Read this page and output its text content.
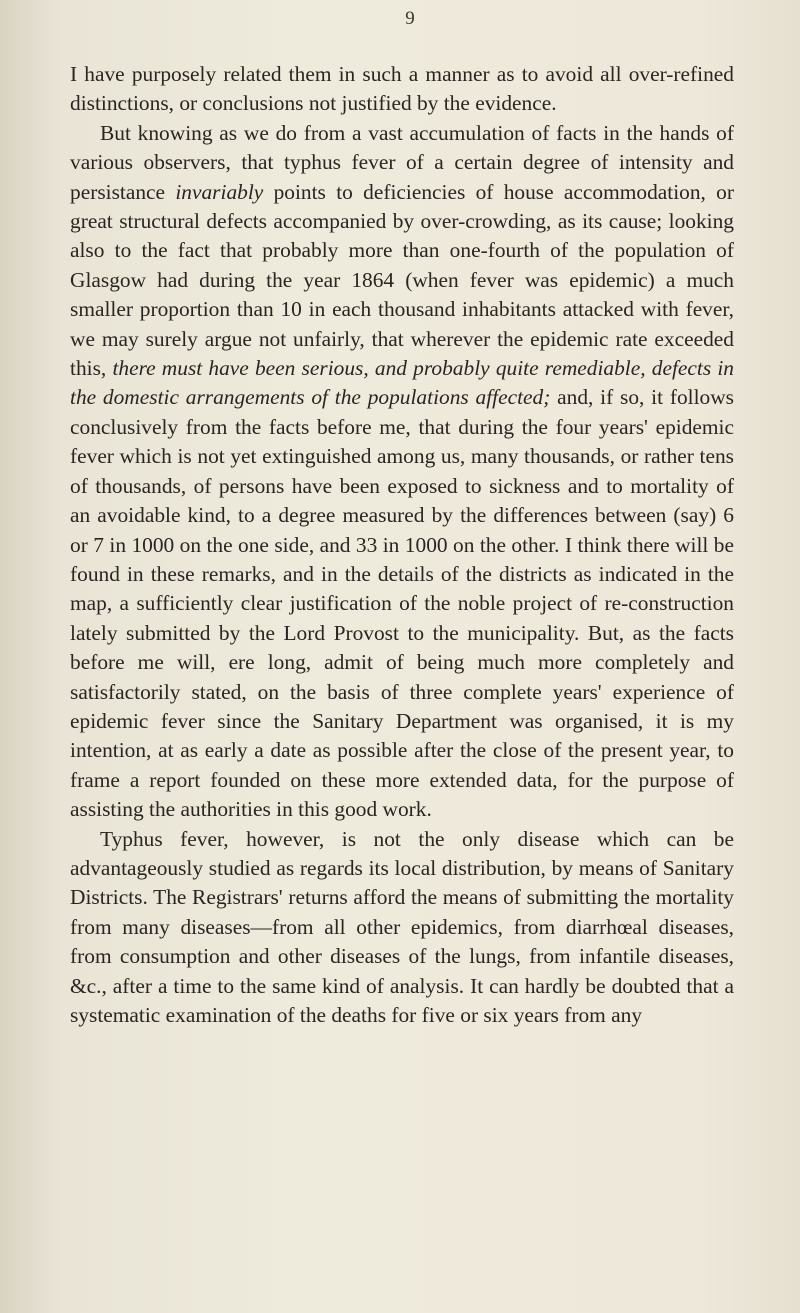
9

I have purposely related them in such a manner as to avoid all over-refined distinctions, or conclusions not justified by the evidence.

But knowing as we do from a vast accumulation of facts in the hands of various observers, that typhus fever of a certain degree of intensity and persistance invariably points to deficiencies of house accommodation, or great structural defects accompanied by over-crowding, as its cause; looking also to the fact that probably more than one-fourth of the population of Glasgow had during the year 1864 (when fever was epidemic) a much smaller proportion than 10 in each thousand inhabitants attacked with fever, we may surely argue not unfairly, that wherever the epidemic rate exceeded this, there must have been serious, and probably quite remediable, defects in the domestic arrangements of the populations affected; and, if so, it follows conclusively from the facts before me, that during the four years' epidemic fever which is not yet extinguished among us, many thousands, or rather tens of thousands, of persons have been exposed to sickness and to mortality of an avoidable kind, to a degree measured by the differences between (say) 6 or 7 in 1000 on the one side, and 33 in 1000 on the other. I think there will be found in these remarks, and in the details of the districts as indicated in the map, a sufficiently clear justification of the noble project of re-construction lately submitted by the Lord Provost to the municipality. But, as the facts before me will, ere long, admit of being much more completely and satisfactorily stated, on the basis of three complete years' experience of epidemic fever since the Sanitary Department was organised, it is my intention, at as early a date as possible after the close of the present year, to frame a report founded on these more extended data, for the purpose of assisting the authorities in this good work.

Typhus fever, however, is not the only disease which can be advantageously studied as regards its local distribution, by means of Sanitary Districts. The Registrars' returns afford the means of submitting the mortality from many diseases—from all other epidemics, from diarrhœal diseases, from consumption and other diseases of the lungs, from infantile diseases, &c., after a time to the same kind of analysis. It can hardly be doubted that a systematic examination of the deaths for five or six years from any
